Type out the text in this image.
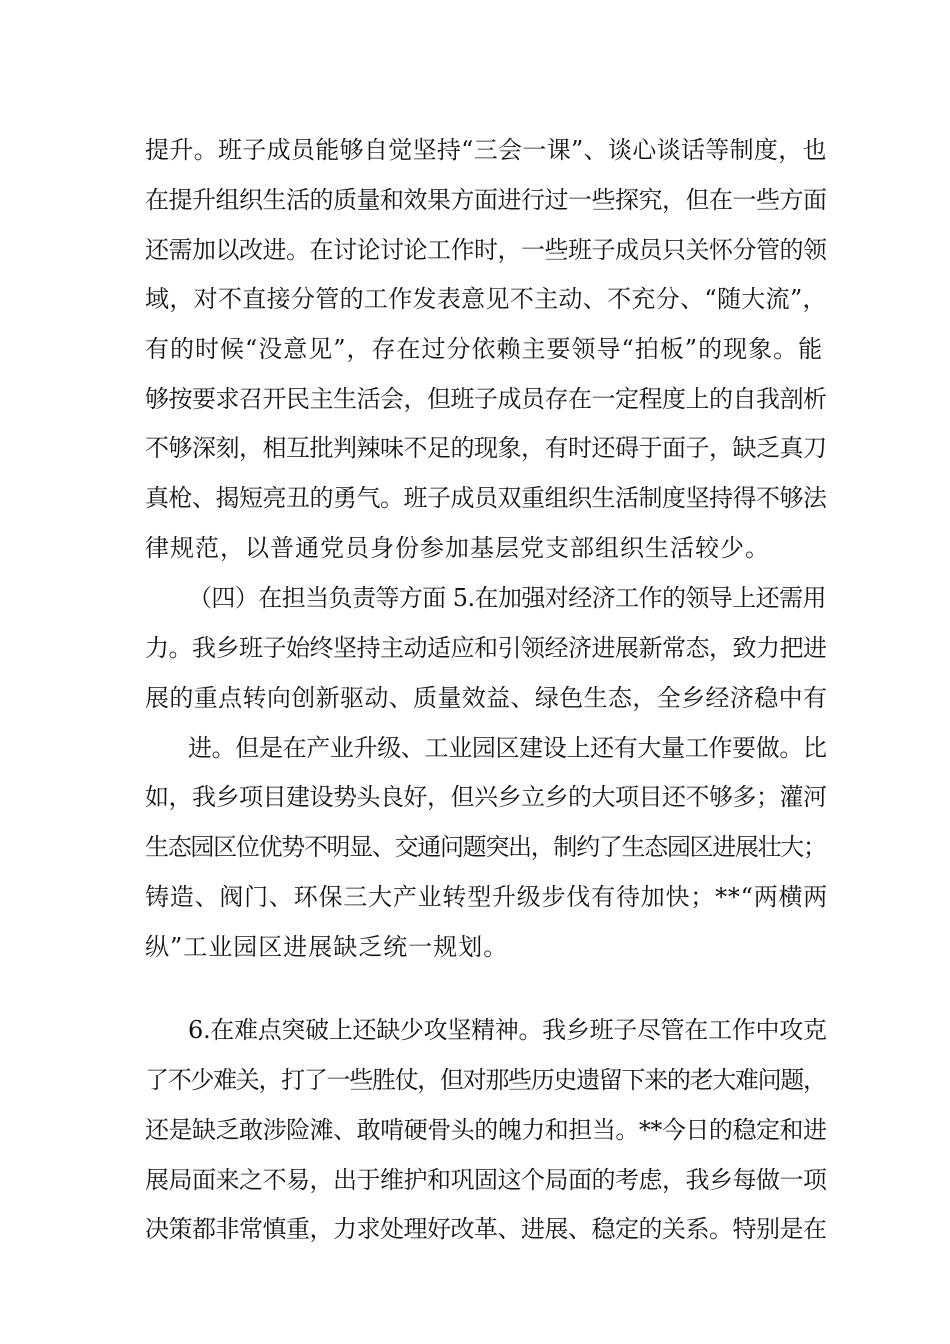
提升。班子成员能够自觉坚持“三会一课”、谈心谈话等制度，也
在提升组织生活的质量和效果方面进行过一些探究，但在一些方面
还需加以改进。在讨论讨论工作时，一些班子成员只关怀分管的领
域，对不直接分管的工作发表意见不主动、不充分、“随大流”，
有的时候“没意见”，存在过分依赖主要领导“拍板”的现象。能
够按要求召开民主生活会，但班子成员存在一定程度上的自我剖析
不够深刻，相互批判辣味不足的现象，有时还碍于面子，缺乏真刀
真枪、揭短亮丑的勇气。班子成员双重组织生活制度坚持得不够法
律规范，以普通党员身份参加基层党支部组织生活较少。
（四）在担当负责等方面 5.在加强对经济工作的领导上还需用
力。我乡班子始终坚持主动适应和引领经济进展新常态，致力把进
展的重点转向创新驱动、质量效益、绿色生态，全乡经济稳中有
进。但是在产业升级、工业园区建设上还有大量工作要做。比
如，我乡项目建设势头良好，但兴乡立乡的大项目还不够多；灌河
生态园区位优势不明显、交通问题突出，制约了生态园区进展壮大；
铸造、阀门、环保三大产业转型升级步伐有待加快；**“两横两
纵”工业园区进展缺乏统一规划。
6.在难点突破上还缺少攻坚精神。我乡班子尽管在工作中攻克
了不少难关，打了一些胜仗，但对那些历史遗留下来的老大难问题，
还是缺乏敢涉险滩、敢啃硬骨头的魄力和担当。**今日的稳定和进
展局面来之不易，出于维护和巩固这个局面的考虑，我乡每做一项
决策都非常慎重，力求处理好改革、进展、稳定的关系。特别是在
